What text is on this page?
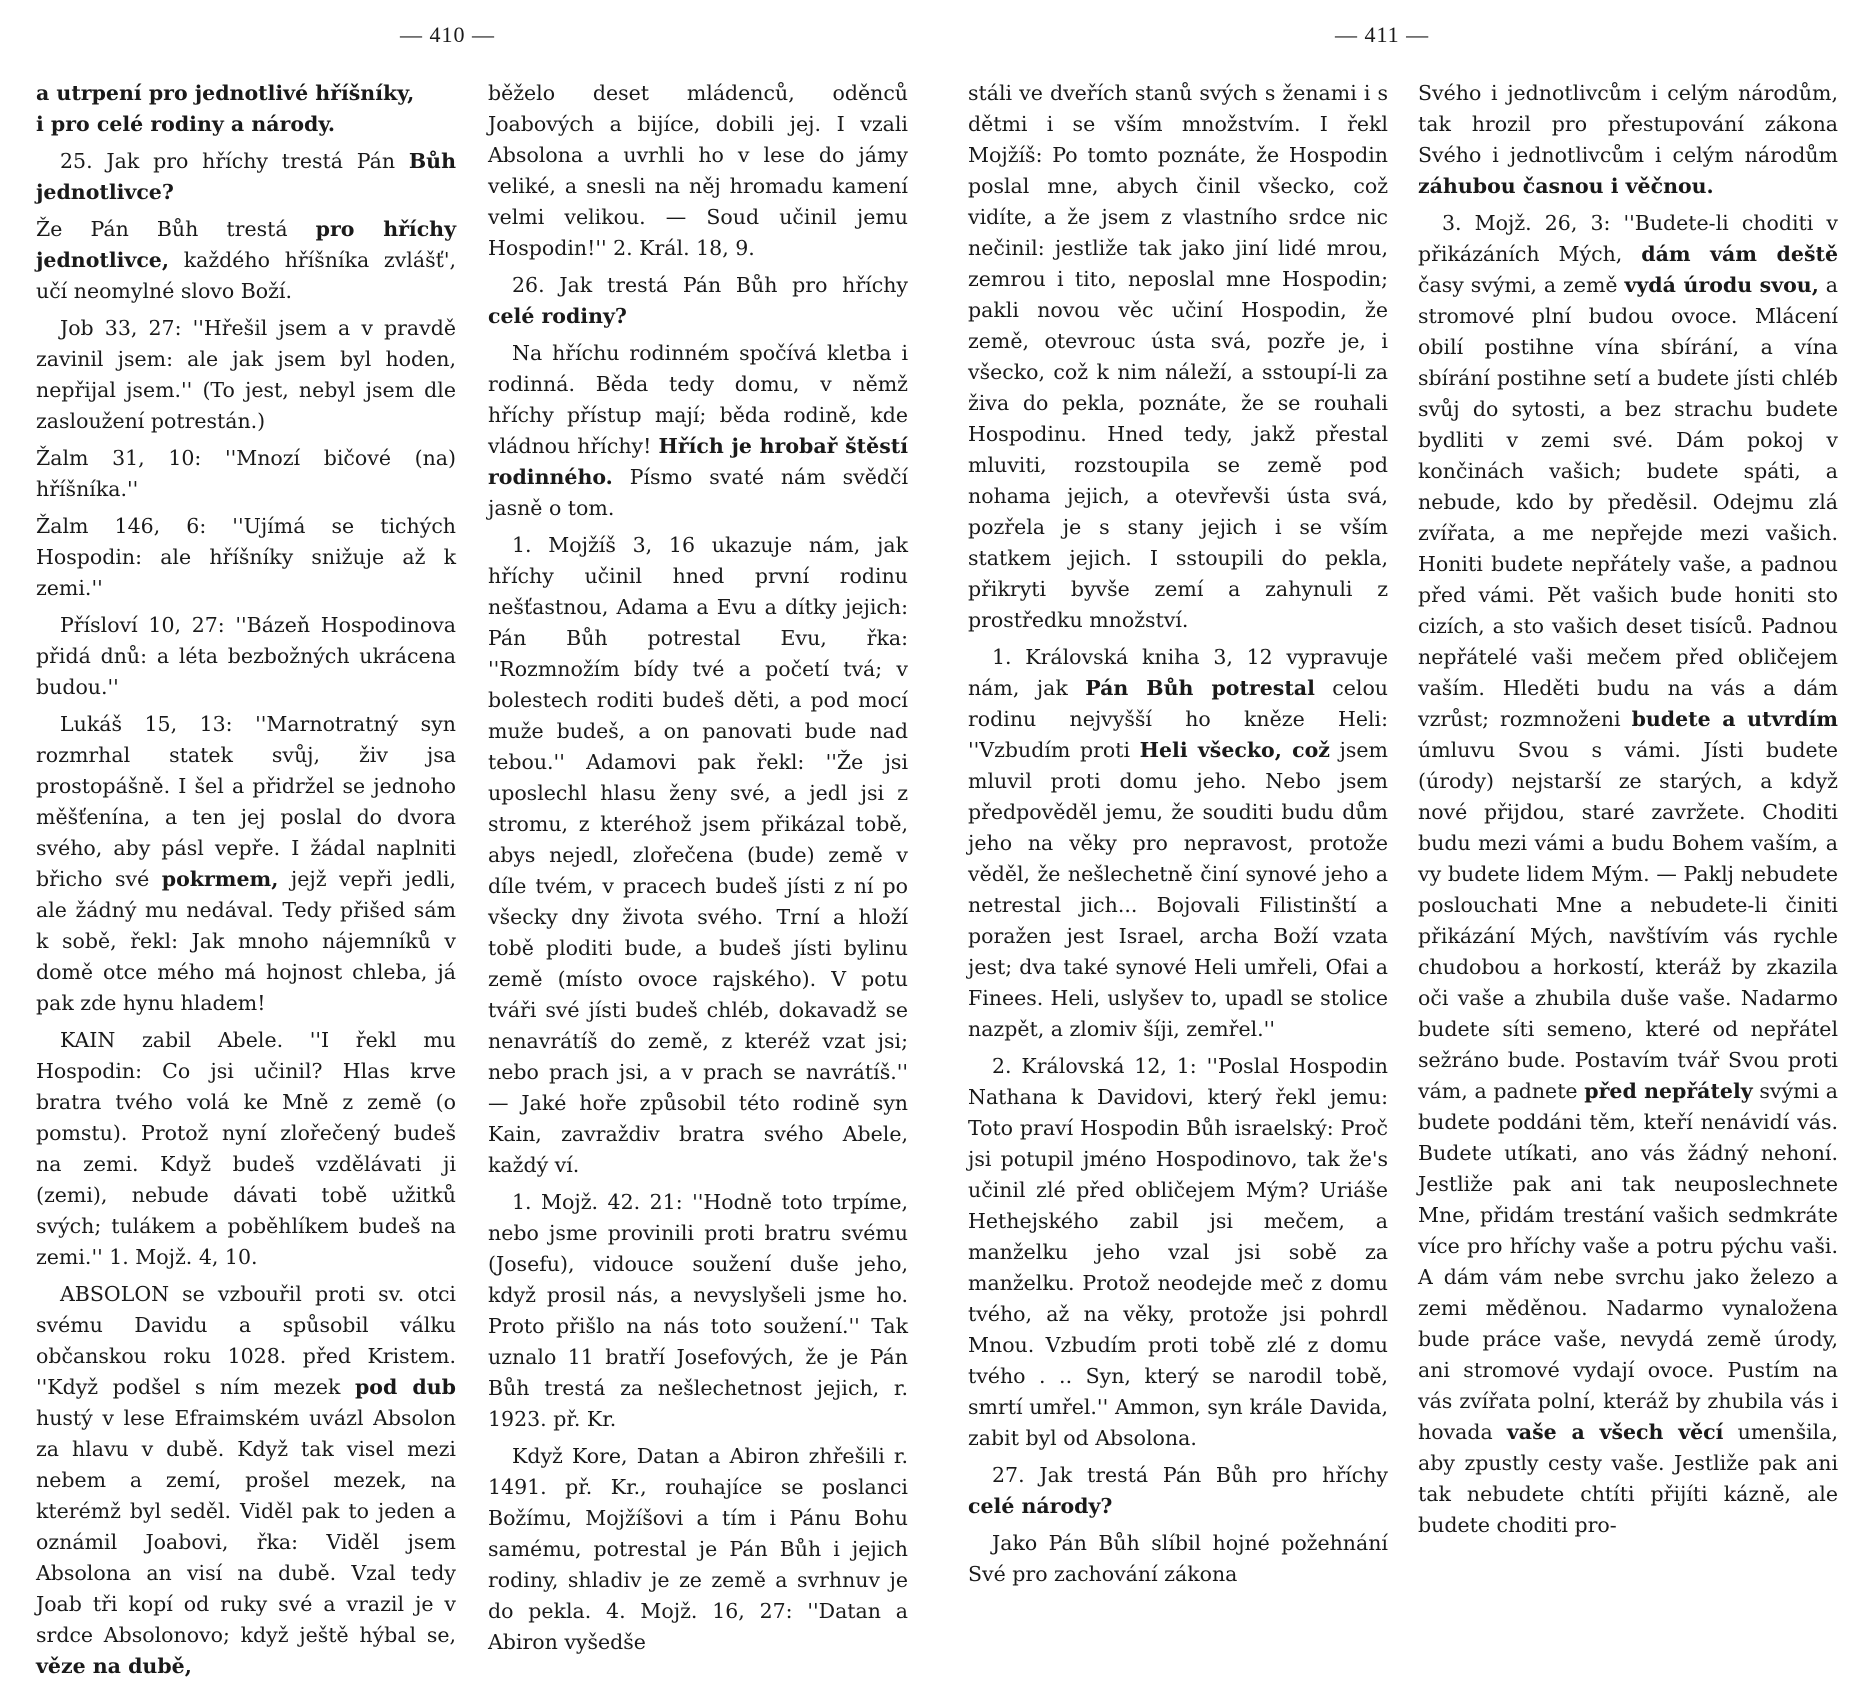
— 410 —	— 411 —

a utrpení pro jednotlivé hříšníky,
i pro celé rodiny a národy.

25. Jak pro hříchy trestá Pán Bůh jednotlivce?

Že Pán Bůh trestá pro hříchy jednotlivce, každého hříšníka zvlášť', učí neomylné slovo Boží.

Job 33, 27: ''Hřešil jsem a v pravdě zavinil jsem: ale jak jsem byl hoden, nepřijal jsem.'' (To jest, nebyl jsem dle zasloužení potrestán.)

Žalm 31, 10: ''Mnozí bičové (na) hříšníka.''

Žalm 146, 6: ''Ujímá se tichých Hospodin: ale hříšníky snižuje až k zemi.''

Přísloví 10, 27: ''Bázeň Hospodinova přidá dnů: a léta bezbožných ukrácena budou.''

Lukáš 15, 13: ''Marnotratný syn rozmrhal statek svůj, živ jsa prostopášně. I šel a přidržel se jednoho měšťenína, a ten jej poslal do dvora svého, aby pásl vepře. I žádal naplniti břicho své pokrmem, jejž vepři jedli, ale žádný mu nedával. Tedy přišed sám k sobě, řekl: Jak mnoho nájemníků v domě otce mého má hojnost chleba, já pak zde hynu hladem!

KAIN zabil Abele. ''I řekl mu Hospodin: Co jsi učinil? Hlas krve bratra tvého volá ke Mně z země (o pomstu). Protož nyní zlořečený budeš na zemi. Když budeš vzdělávati ji (zemi), nebude dávati tobě užitků svých; tulákem a poběhlíkem budeš na zemi.'' 1. Mojž. 4, 10.

ABSOLON se vzbouřil proti sv. otci svému Davidu a spůsobil válku občanskou roku 1028. před Kristem. ''Když podšel s ním mezek pod dub hustý v lese Efraimském uvázl Absolon za hlavu v dubě. Když tak visel mezi nebem a zemí, prošel mezek, na kterémž byl seděl. Viděl pak to jeden a oznámil Joabovi, řka: Viděl jsem Absolona an visí na dubě. Vzal tedy Joab tři kopí od ruky své a vrazil je v srdce Absolonovo; když ještě hýbal se, věze na dubě,

běželo deset mládenců, oděnců Joabových a bijíce, dobili jej. I vzali Absolona a uvrhli ho v lese do jámy veliké, a snesli na něj hromadu kamení velmi velikou. — Soud učinil jemu Hospodin!'' 2. Král. 18, 9.

26. Jak trestá Pán Bůh pro hříchy celé rodiny?

Na hříchu rodinném spočívá kletba i rodinná. Běda tedy domu, v němž hříchy přístup mají; běda rodině, kde vládnou hříchy! Hřích je hrobař štěstí rodinného. Písmo svaté nám svědčí jasně o tom.

1. Mojžíš 3, 16 ukazuje nám, jak hříchy učinil hned první rodinu nešťastnou, Adama a Evu a dítky jejich: Pán Bůh potrestal Evu, řka: ''Rozmnožím bídy tvé a početí tvá; v bolestech roditi budeš děti, a pod mocí muže budeš, a on panovati bude nad tebou.'' Adamovi pak řekl: ''Že jsi uposlechl hlasu ženy své, a jedl jsi z stromu, z kteréhož jsem přikázal tobě, abys nejedl, zlořečena (bude) země v díle tvém, v pracech budeš jísti z ní po všecky dny života svého. Trní a hloží tobě ploditi bude, a budeš jísti bylinu země (místo ovoce rajského). V potu tváři své jísti budeš chléb, dokavadž se nenavrátíš do země, z kteréž vzat jsi; nebo prach jsi, a v prach se navrátíš.'' — Jaké hoře způsobil této rodině syn Kain, zavraždiv bratra svého Abele, každý ví.

1. Mojž. 42. 21: ''Hodně toto trpíme, nebo jsme provinili proti bratru svému (Josefu), vidouce soužení duše jeho, když prosil nás, a nevyslyšeli jsme ho. Proto přišlo na nás toto soužení.'' Tak uznalo 11 bratří Josefových, že je Pán Bůh trestá za nešlechetnost jejich, r. 1923. př. Kr.

Když Kore, Datan a Abiron zhřešili r. 1491. př. Kr., rouhajíce se poslanci Božímu, Mojžíšovi a tím i Pánu Bohu samému, potrestal je Pán Bůh i jejich rodiny, shladiv je ze země a svrhnuv je do pekla. 4. Mojž. 16, 27: ''Datan a Abiron vyšedše

stáli ve dveřích stanů svých s ženami i s dětmi i se vším množstvím. I řekl Mojžíš: Po tomto poznáte, že Hospodin poslal mne, abych činil všecko, což vidíte, a že jsem z vlastního srdce nic nečinil: jestliže tak jako jiní lidé mrou, zemrou i tito, neposlal mne Hospodin; pakli novou věc učiní Hospodin, že země, otevrouc ústa svá, pozře je, i všecko, což k nim náleží, a sstoupí-li za živa do pekla, poznáte, že se rouhali Hospodinu. Hned tedy, jakž přestal mluviti, rozstoupila se země pod nohama jejich, a otevřevši ústa svá, pozřela je s stany jejich i se vším statkem jejich. I sstoupili do pekla, přikryti byvše zemí a zahynuli z prostředku množství.

1. Královská kniha 3, 12 vypravuje nám, jak Pán Bůh potrestal celou rodinu nejvyšší ho kněze Heli: ''Vzbudím proti Heli všecko, což jsem mluvil proti domu jeho. Nebo jsem předpověděl jemu, že souditi budu dům jeho na věky pro nepravost, protože věděl, že nešlechetně činí synové jeho a netrestal jich... Bojovali Filistinští a poražen jest Israel, archa Boží vzata jest; dva také synové Heli umřeli, Ofai a Finees. Heli, uslyšev to, upadl se stolice nazpět, a zlomiv šíji, zemřel.''

2. Královská 12, 1: ''Poslal Hospodin Nathana k Davidovi, který řekl jemu: Toto praví Hospodin Bůh israelský: Proč jsi potupil jméno Hospodinovo, tak že's učinil zlé před obličejem Mým? Uriáše Hethejského zabil jsi mečem, a manželku jeho vzal jsi sobě za manželku. Protož neodejde meč z domu tvého, až na věky, protože jsi pohrdl Mnou. Vzbudím proti tobě zlé z domu tvého . .. Syn, který se narodil tobě, smrtí umřel.'' Ammon, syn krále Davida, zabit byl od Absolona.

27. Jak trestá Pán Bůh pro hříchy celé národy?

Jako Pán Bůh slíbil hojné požehnání Své pro zachování zákona

Svého i jednotlivcům i celým národům, tak hrozil pro přestupování zákona Svého i jednotlivcům i celým národům záhubou časnou i věčnou.

3. Mojž. 26, 3: ''Budete-li choditi v přikázáních Mých, dám vám deště časy svými, a země vydá úrodu svou, a stromové plní budou ovoce. Mlácení obilí postihne vína sbírání, a vína sbírání postihne setí a budete jísti chléb svůj do sytosti, a bez strachu budete bydliti v zemi své. Dám pokoj v končinách vašich; budete spáti, a nebude, kdo by předěsil. Odejmu zlá zvířata, a me nepřejde mezi vašich. Honiti budete nepřátely vaše, a padnou před vámi. Pět vašich bude honiti sto cizích, a sto vašich deset tisíců. Padnou nepřátelé vaši mečem před obličejem vaším. Hleděti budu na vás a dám vzrůst; rozmnoženi budete a utvrdím úmluvu Svou s vámi. Jísti budete (úrody) nejstarší ze starých, a když nové přijdou, staré zavržete. Choditi budu mezi vámi a budu Bohem vaším, a vy budete lidem Mým. — Paklj nebudete poslouchati Mne a nebudete-li činiti přikázání Mých, navštívím vás rychle chudobou a horkostí, kteráž by zkazila oči vaše a zhubila duše vaše. Nadarmo budete síti semeno, které od nepřátel sežráno bude. Postavím tvář Svou proti vám, a padnete před nepřátely svými a budete poddáni těm, kteří nenávidí vás. Budete utíkati, ano vás žádný nehoní. Jestliže pak ani tak neuposlechnete Mne, přidám trestání vašich sedmkráte více pro hříchy vaše a potru pýchu vaši. A dám vám nebe svrchu jako železo a zemi měděnou. Nadarmo vynaložena bude práce vaše, nevydá země úrody, ani stromové vydají ovoce. Pustím na vás zvířata polní, kteráž by zhubila vás i hovada vaše a všech věcí umenšila, aby zpustly cesty vaše. Jestliže pak ani tak nebudete chtíti přijíti kázně, ale budete choditi pro-
